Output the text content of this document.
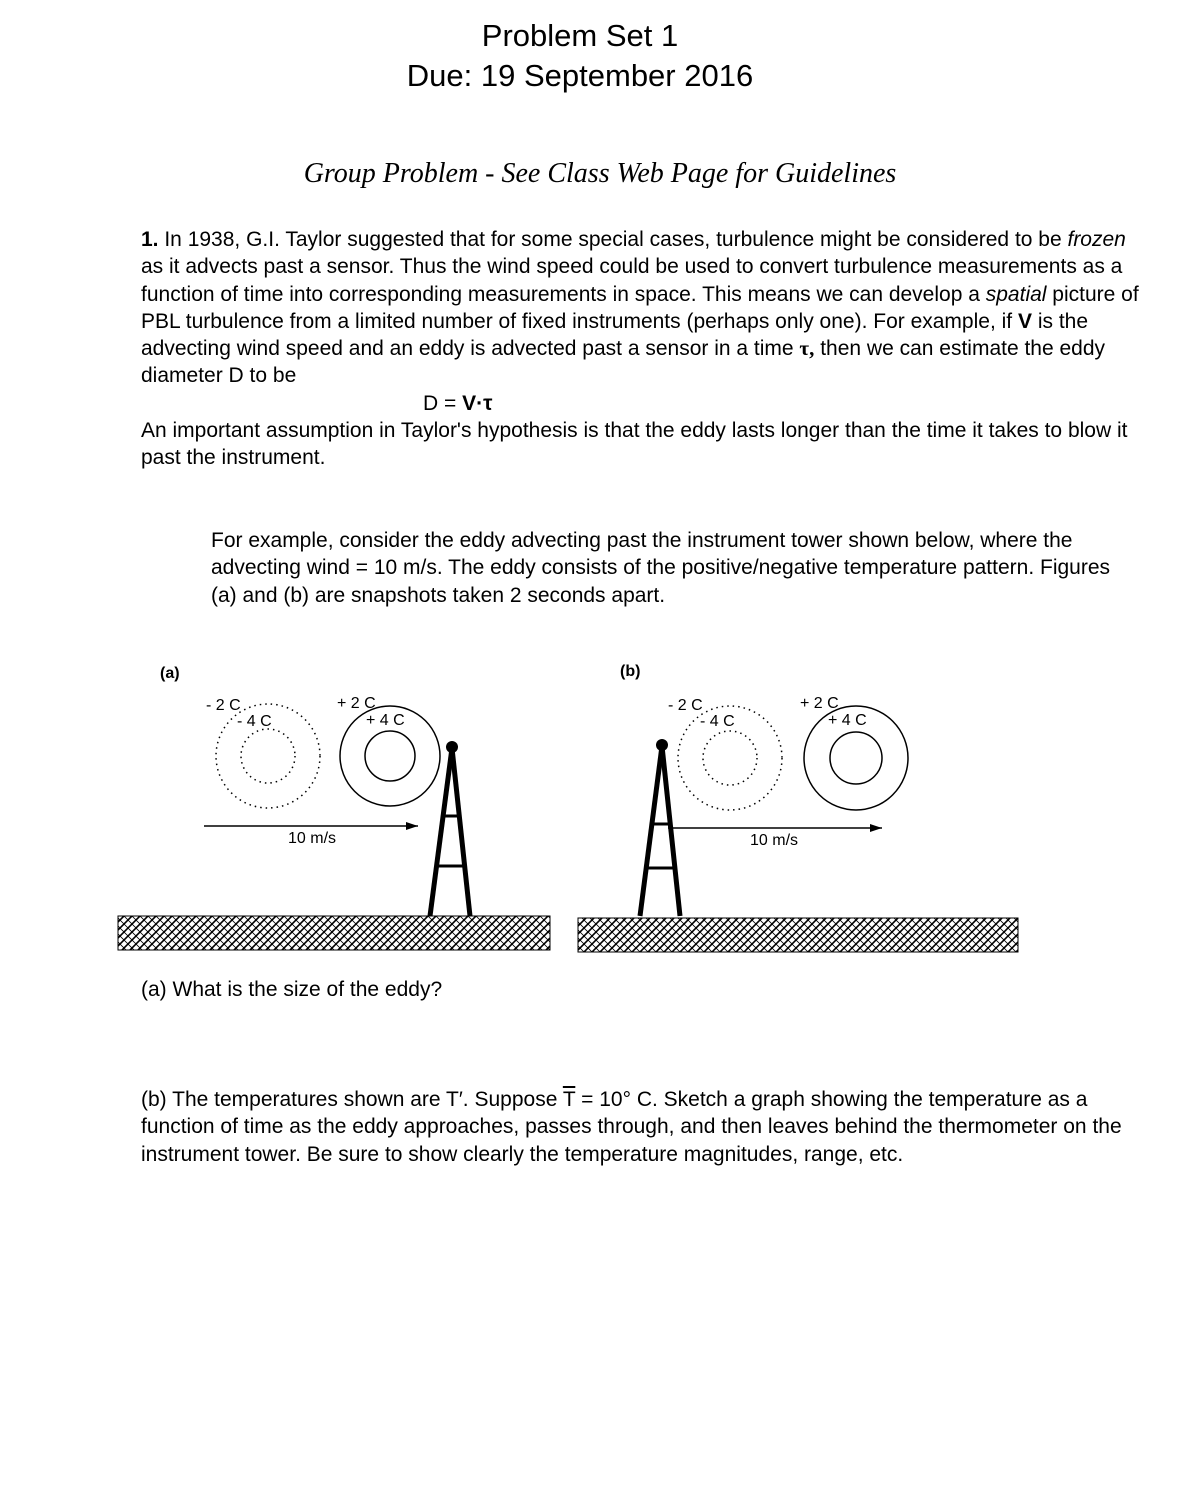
Problem Set 1
Due: 19 September 2016
Group Problem - See Class Web Page for Guidelines

1. In 1938, G.I. Taylor suggested that for some special cases, turbulence might be considered to be frozen as it advects past a sensor. Thus the wind speed could be used to convert turbulence measurements as a function of time into corresponding measurements in space. This means we can develop a spatial picture of PBL turbulence from a limited number of fixed instruments (perhaps only one). For example, if V is the advecting wind speed and an eddy is advected past a sensor in a time τ, then we can estimate the eddy diameter D to be

D = V·τ

An important assumption in Taylor's hypothesis is that the eddy lasts longer than the time it takes to blow it past the instrument.

For example, consider the eddy advecting past the instrument tower shown below, where the advecting wind = 10 m/s. The eddy consists of the positive/negative temperature pattern. Figures (a) and (b) are snapshots taken 2 seconds apart.

(a)
- 2 C
- 4 C
+ 2 C
+ 4 C
10 m/s
(b)
- 2 C
- 4 C
+ 2 C
+ 4 C
10 m/s
(a) What is the size of the eddy?
(b) The temperatures shown are T′. Suppose $\overline{T} = 10^\circ$ C. Sketch a graph showing the temperature as a function of time as the eddy approaches, passes through, and then leaves behind the thermometer on the instrument tower. Be sure to show clearly the temperature magnitudes, range, etc.
